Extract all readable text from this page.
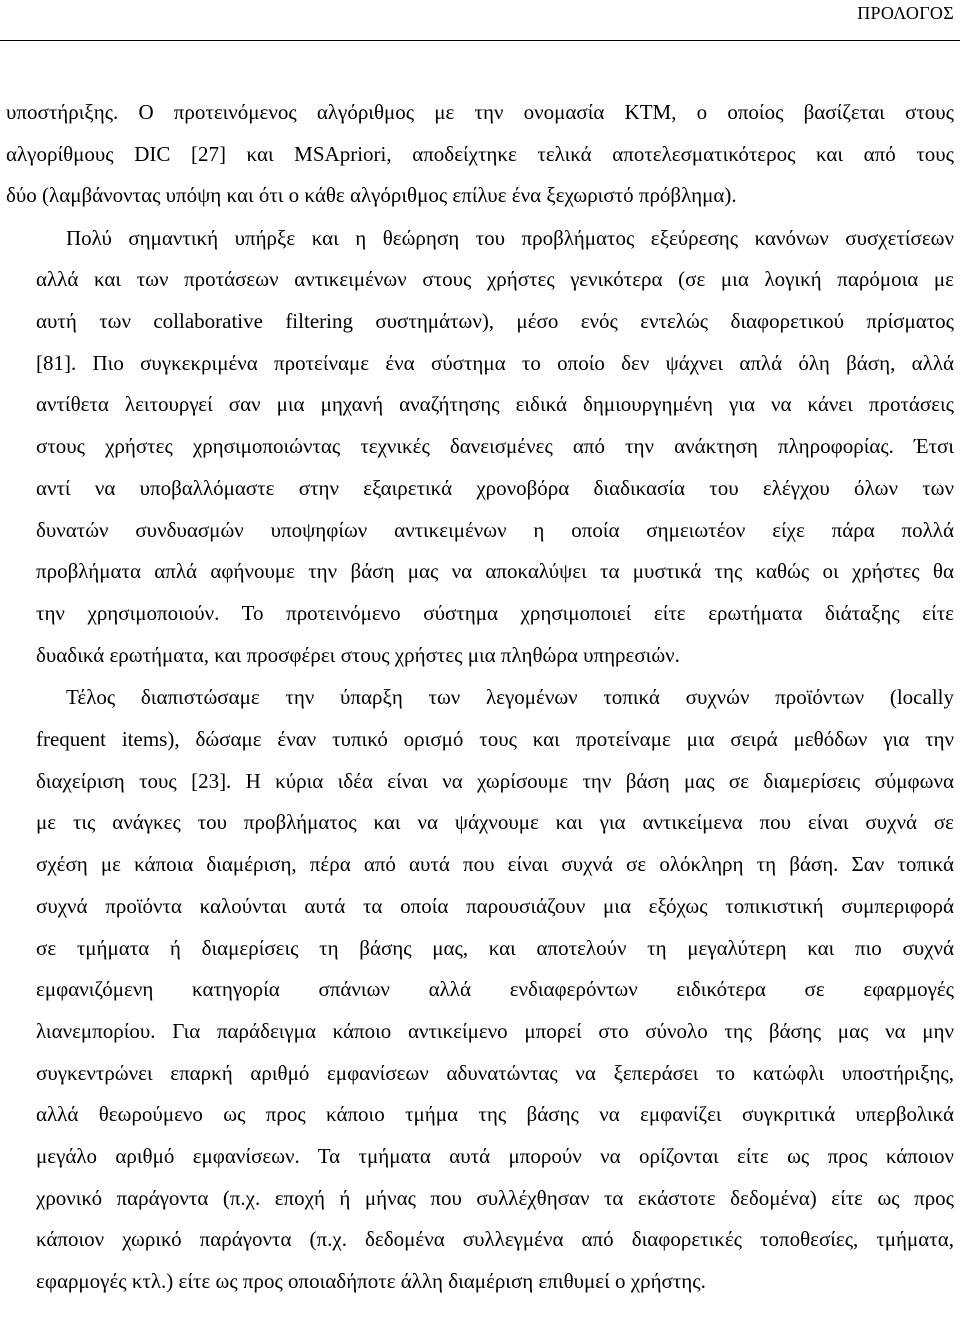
ΠΡΟΛΟΓΟΣ

υποστήριξης. Ο προτεινόμενος αλγόριθμος με την ονομασία KTM, ο οποίος βασίζεται στους
αλγορίθμους DIC [27] και MSApriori, αποδείχτηκε τελικά αποτελεσματικότερος και από τους
δύο (λαμβάνοντας υπόψη και ότι ο κάθε αλγόριθμος επίλυε ένα ξεχωριστό πρόβλημα).

Πολύ σημαντική υπήρξε και η θεώρηση του προβλήματος εξεύρεσης κανόνων συσχετίσεων
αλλά και των προτάσεων αντικειμένων στους χρήστες γενικότερα (σε μια λογική παρόμοια με
αυτή των collaborative filtering συστημάτων), μέσο ενός εντελώς διαφορετικού πρίσματος
[81]. Πιο συγκεκριμένα προτείναμε ένα σύστημα το οποίο δεν ψάχνει απλά όλη βάση, αλλά
αντίθετα λειτουργεί σαν μια μηχανή αναζήτησης ειδικά δημιουργημένη για να κάνει προτάσεις
στους χρήστες χρησιμοποιώντας τεχνικές δανεισμένες από την ανάκτηση πληροφορίας. Έτσι
αντί να υποβαλλόμαστε στην εξαιρετικά χρονοβόρα διαδικασία του ελέγχου όλων των
δυνατών συνδυασμών υποψηφίων αντικειμένων η οποία σημειωτέον είχε πάρα πολλά
προβλήματα απλά αφήνουμε την βάση μας να αποκαλύψει τα μυστικά της καθώς οι χρήστες θα
την χρησιμοποιούν. Το προτεινόμενο σύστημα χρησιμοποιεί είτε ερωτήματα διάταξης είτε
δυαδικά ερωτήματα, και προσφέρει στους χρήστες μια πληθώρα υπηρεσιών.

Τέλος διαπιστώσαμε την ύπαρξη των λεγομένων τοπικά συχνών προϊόντων (locally
frequent items), δώσαμε έναν τυπικό ορισμό τους και προτείναμε μια σειρά μεθόδων για την
διαχείριση τους [23]. Η κύρια ιδέα είναι να χωρίσουμε την βάση μας σε διαμερίσεις σύμφωνα
με τις ανάγκες του προβλήματος και να ψάχνουμε και για αντικείμενα που είναι συχνά σε
σχέση με κάποια διαμέριση, πέρα από αυτά που είναι συχνά σε ολόκληρη τη βάση. Σαν τοπικά
συχνά προϊόντα καλούνται αυτά τα οποία παρουσιάζουν μια εξόχως τοπικιστική συμπεριφορά
σε τμήματα ή διαμερίσεις τη βάσης μας, και αποτελούν τη μεγαλύτερη και πιο συχνά
εμφανιζόμενη κατηγορία σπάνιων αλλά ενδιαφερόντων ειδικότερα σε εφαρμογές
λιανεμπορίου. Για παράδειγμα κάποιο αντικείμενο μπορεί στο σύνολο της βάσης μας να μην
συγκεντρώνει επαρκή αριθμό εμφανίσεων αδυνατώντας να ξεπεράσει το κατώφλι υποστήριξης,
αλλά θεωρούμενο ως προς κάποιο τμήμα της βάσης να εμφανίζει συγκριτικά υπερβολικά
μεγάλο αριθμό εμφανίσεων. Τα τμήματα αυτά μπορούν να ορίζονται είτε ως προς κάποιον
χρονικό παράγοντα (π.χ. εποχή ή μήνας που συλλέχθησαν τα εκάστοτε δεδομένα) είτε ως προς
κάποιον χωρικό παράγοντα (π.χ. δεδομένα συλλεγμένα από διαφορετικές τοποθεσίες, τμήματα,
εφαρμογές κτλ.) είτε ως προς οποιαδήποτε άλλη διαμέριση επιθυμεί ο χρήστης.
